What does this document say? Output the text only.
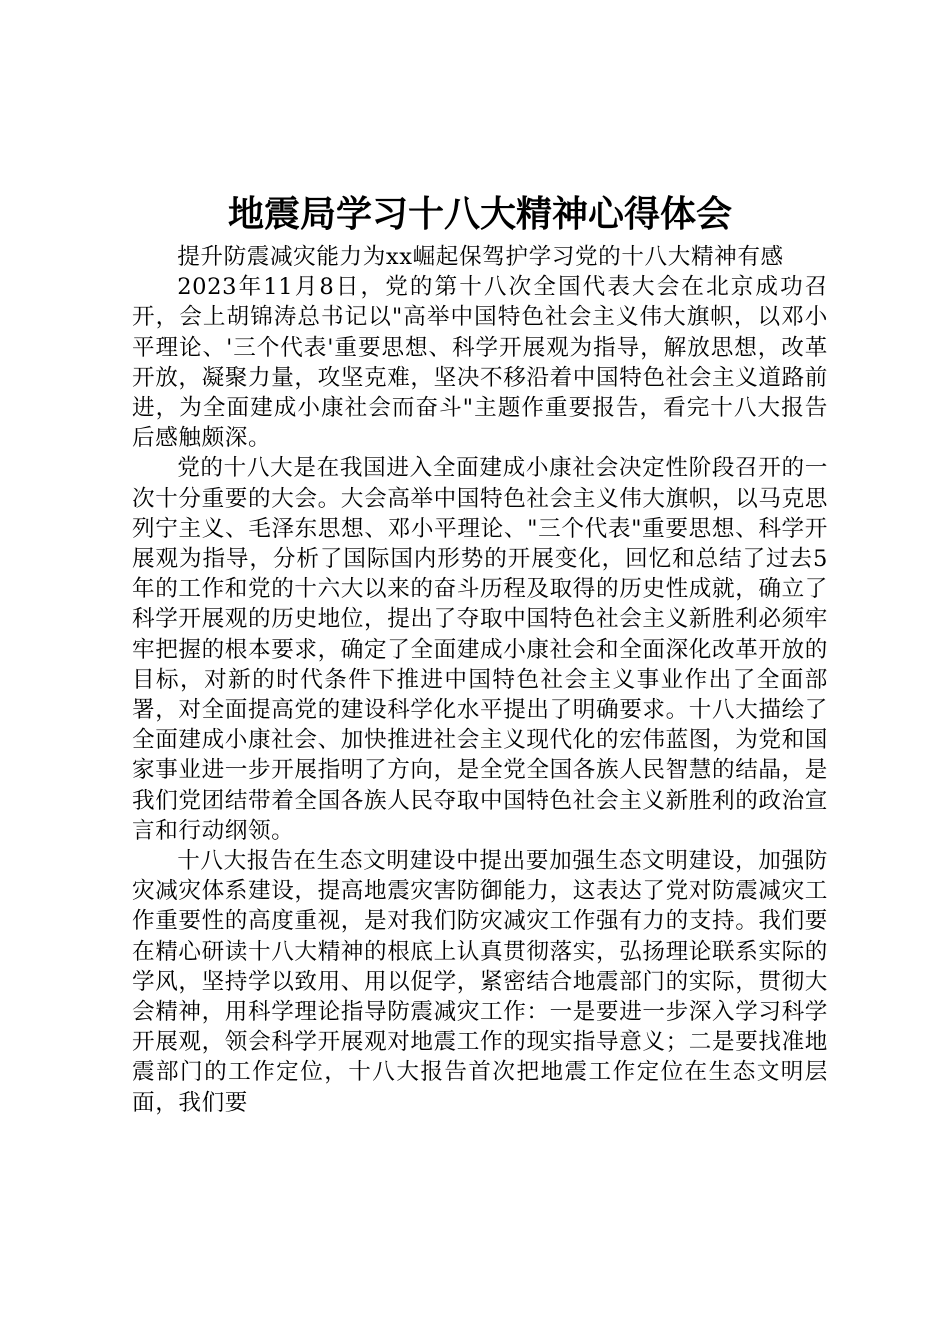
地震局学习十八大精神心得体会

提升防震减灾能力为xx崛起保驾护学习党的十八大精神有感

2023年11月8日，党的第十八次全国代表大会在北京成功召开，会上胡锦涛总书记以"高举中国特色社会主义伟大旗帜，以邓小平理论、'三个代表'重要思想、科学开展观为指导，解放思想，改革开放，凝聚力量，攻坚克难，坚决不移沿着中国特色社会主义道路前进，为全面建成小康社会而奋斗"主题作重要报告，看完十八大报告后感触颇深。

党的十八大是在我国进入全面建成小康社会决定性阶段召开的一次十分重要的大会。大会高举中国特色社会主义伟大旗帜，以马克思列宁主义、毛泽东思想、邓小平理论、"三个代表"重要思想、科学开展观为指导，分析了国际国内形势的开展变化，回忆和总结了过去5年的工作和党的十六大以来的奋斗历程及取得的历史性成就，确立了科学开展观的历史地位，提出了夺取中国特色社会主义新胜利必须牢牢把握的根本要求，确定了全面建成小康社会和全面深化改革开放的目标，对新的时代条件下推进中国特色社会主义事业作出了全面部署，对全面提高党的建设科学化水平提出了明确要求。十八大描绘了全面建成小康社会、加快推进社会主义现代化的宏伟蓝图，为党和国家事业进一步开展指明了方向，是全党全国各族人民智慧的结晶，是我们党团结带着全国各族人民夺取中国特色社会主义新胜利的政治宣言和行动纲领。

十八大报告在生态文明建设中提出要加强生态文明建设，加强防灾减灾体系建设，提高地震灾害防御能力，这表达了党对防震减灾工作重要性的高度重视，是对我们防灾减灾工作强有力的支持。我们要在精心研读十八大精神的根底上认真贯彻落实，弘扬理论联系实际的学风，坚持学以致用、用以促学，紧密结合地震部门的实际，贯彻大会精神，用科学理论指导防震减灾工作：一是要进一步深入学习科学开展观，领会科学开展观对地震工作的现实指导意义；二是要找准地震部门的工作定位，十八大报告首次把地震工作定位在生态文明层面，我们要
